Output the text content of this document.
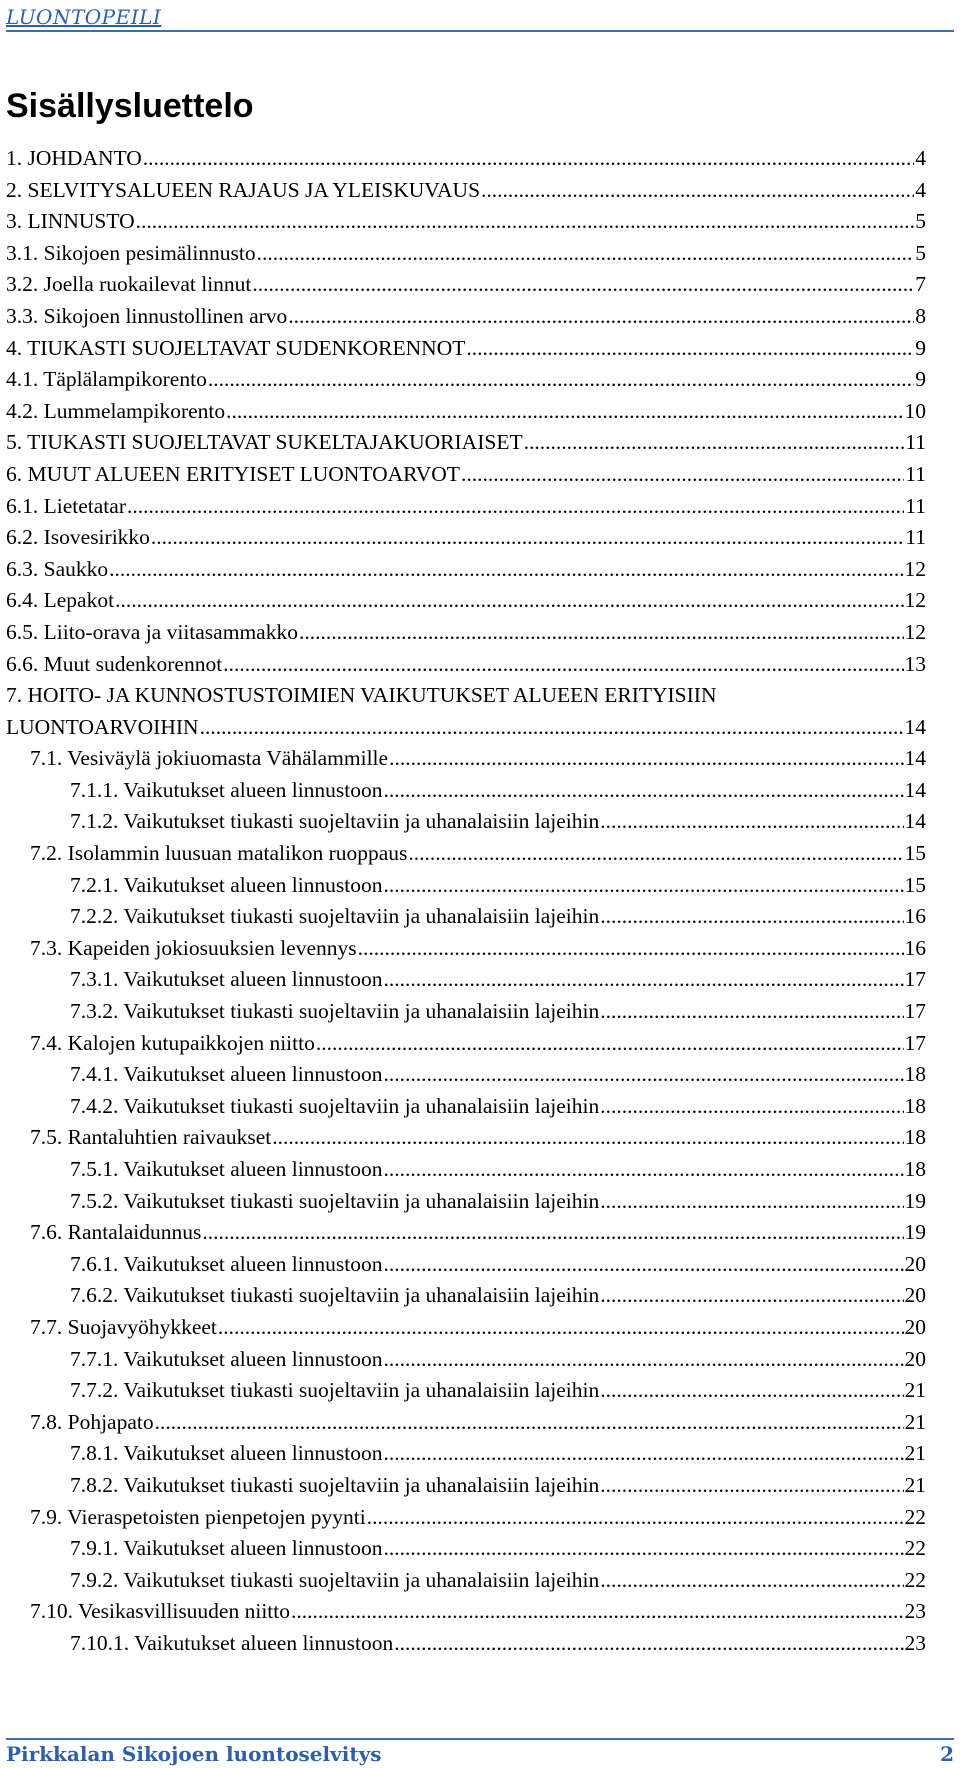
LUONTOPEILI
Sisällysluettelo
1. JOHDANTO .....	4
2. SELVITYSALUEEN RAJAUS JA YLEISKUVAUS .....	4
3. LINNUSTO .....	5
3.1. Sikojoen pesimälinnusto .....	5
3.2. Joella ruokailevat linnut .....	7
3.3. Sikojoen linnustollinen arvo .....	8
4. TIUKASTI SUOJELTAVAT SUDENKORENNOT .....	9
4.1. Täplälampikorento .....	9
4.2. Lummelampikorento .....	10
5. TIUKASTI SUOJELTAVAT SUKELTAJAKUORIAISET .....	11
6. MUUT ALUEEN ERITYISET LUONTOARVOT .....	11
6.1. Lietetatar .....	11
6.2. Isovesirikko .....	11
6.3. Saukko .....	12
6.4. Lepakot .....	12
6.5. Liito-orava ja viitasammakko .....	12
6.6. Muut sudenkorennot .....	13
7. HOITO- JA KUNNOSTUSTOIMIEN VAIKUTUKSET ALUEEN ERITYISIIN
LUONTOARVOIHIN .....	14
7.1. Vesiväylä jokiuomasta Vähälammille .....	14
7.1.1. Vaikutukset alueen linnustoon .....	14
7.1.2. Vaikutukset tiukasti suojeltaviin ja uhanalaisiin lajeihin .....	14
7.2. Isolammin luusuan matalikon ruoppaus .....	15
7.2.1. Vaikutukset alueen linnustoon .....	15
7.2.2. Vaikutukset tiukasti suojeltaviin ja uhanalaisiin lajeihin .....	16
7.3. Kapeiden jokiosuuksien levennys .....	16
7.3.1. Vaikutukset alueen linnustoon .....	17
7.3.2. Vaikutukset tiukasti suojeltaviin ja uhanalaisiin lajeihin .....	17
7.4. Kalojen kutupaikkojen niitto .....	17
7.4.1. Vaikutukset alueen linnustoon .....	18
7.4.2. Vaikutukset tiukasti suojeltaviin ja uhanalaisiin lajeihin .....	18
7.5. Rantaluhtien raivaukset .....	18
7.5.1. Vaikutukset alueen linnustoon .....	18
7.5.2. Vaikutukset tiukasti suojeltaviin ja uhanalaisiin lajeihin .....	19
7.6. Rantalaidunnus .....	19
7.6.1. Vaikutukset alueen linnustoon .....	20
7.6.2. Vaikutukset tiukasti suojeltaviin ja uhanalaisiin lajeihin .....	20
7.7. Suojavyöhykkeet .....	20
7.7.1. Vaikutukset alueen linnustoon .....	20
7.7.2. Vaikutukset tiukasti suojeltaviin ja uhanalaisiin lajeihin .....	21
7.8. Pohjapato .....	21
7.8.1. Vaikutukset alueen linnustoon .....	21
7.8.2. Vaikutukset tiukasti suojeltaviin ja uhanalaisiin lajeihin .....	21
7.9. Vieraspetoisten pienpetojen pyynti .....	22
7.9.1. Vaikutukset alueen linnustoon .....	22
7.9.2. Vaikutukset tiukasti suojeltaviin ja uhanalaisiin lajeihin .....	22
7.10. Vesikasvillisuuden niitto .....	23
7.10.1. Vaikutukset alueen linnustoon .....	23
Pirkkalan Sikojoen luontoselvitys	2
